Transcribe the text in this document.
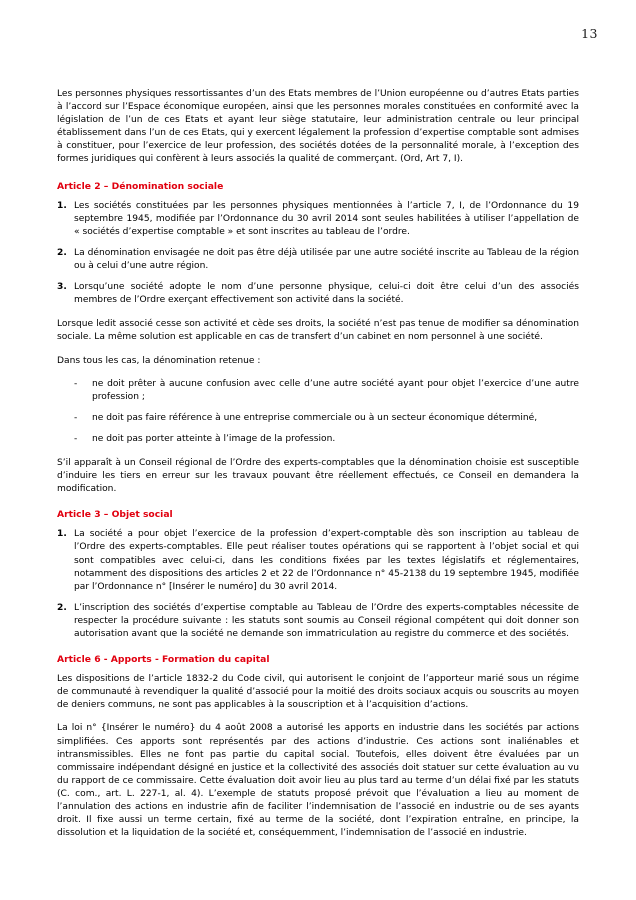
13

Les personnes physiques ressortissantes d’un des Etats membres de l’Union européenne ou d’autres Etats parties à l’accord sur l’Espace économique européen, ainsi que les personnes morales constituées en conformité avec la législation de l’un de ces Etats et ayant leur siège statutaire, leur administration centrale ou leur principal établissement dans l’un de ces Etats, qui y exercent légalement la profession d’expertise comptable sont admises à constituer, pour l’exercice de leur profession, des sociétés dotées de la personnalité morale, à l’exception des formes juridiques qui confèrent à leurs associés la qualité de commerçant. (Ord, Art 7, I).

Article 2 – Dénomination sociale
1. Les sociétés constituées par les personnes physiques mentionnées à l’article 7, I, de l’Ordonnance du 19 septembre 1945, modifiée par l’Ordonnance du 30 avril 2014 sont seules habilitées à utiliser l’appellation de « sociétés d’expertise comptable » et sont inscrites au tableau de l’ordre.
2. La dénomination envisagée ne doit pas être déjà utilisée par une autre société inscrite au Tableau de la région ou à celui d’une autre région.
3. Lorsqu’une société adopte le nom d’une personne physique, celui-ci doit être celui d’un des associés membres de l’Ordre exerçant effectivement son activité dans la société.

Lorsque ledit associé cesse son activité et cède ses droits, la société n’est pas tenue de modifier sa dénomination sociale. La même solution est applicable en cas de transfert d’un cabinet en nom personnel à une société.

Dans tous les cas, la dénomination retenue :

- ne doit prêter à aucune confusion avec celle d’une autre société ayant pour objet l’exercice d’une autre profession ;
- ne doit pas faire référence à une entreprise commerciale ou à un secteur économique déterminé,
- ne doit pas porter atteinte à l’image de la profession.

S’il apparaît à un Conseil régional de l’Ordre des experts-comptables que la dénomination choisie est susceptible d’induire les tiers en erreur sur les travaux pouvant être réellement effectués, ce Conseil en demandera la modification.

Article 3 – Objet social
1. La société a pour objet l’exercice de la profession d’expert-comptable dès son inscription au tableau de l’Ordre des experts-comptables. Elle peut réaliser toutes opérations qui se rapportent à l’objet social et qui sont compatibles avec celui-ci, dans les conditions fixées par les textes législatifs et réglementaires, notamment des dispositions des articles 2 et 22 de l’Ordonnance n° 45-2138 du 19 septembre 1945, modifiée par l’Ordonnance n° [Insérer le numéro] du 30 avril 2014.
2. L’inscription des sociétés d’expertise comptable au Tableau de l’Ordre des experts-comptables nécessite de respecter la procédure suivante : les statuts sont soumis au Conseil régional compétent qui doit donner son autorisation avant que la société ne demande son immatriculation au registre du commerce et des sociétés.
Article 6 - Apports - Formation du capital

Les dispositions de l’article 1832-2 du Code civil, qui autorisent le conjoint de l’apporteur marié sous un régime de communauté à revendiquer la qualité d’associé pour la moitié des droits sociaux acquis ou souscrits au moyen de deniers communs, ne sont pas applicables à la souscription et à l’acquisition d’actions.

La loi n° {Insérer le numéro} du 4 août 2008 a autorisé les apports en industrie dans les sociétés par actions simplifiées. Ces apports sont représentés par des actions d’industrie. Ces actions sont inaliénables et intransmissibles. Elles ne font pas partie du capital social. Toutefois, elles doivent être évaluées par un commissaire indépendant désigné en justice et la collectivité des associés doit statuer sur cette évaluation au vu du rapport de ce commissaire. Cette évaluation doit avoir lieu au plus tard au terme d’un délai fixé par les statuts (C. com., art. L. 227-1, al. 4). L’exemple de statuts proposé prévoit que l’évaluation a lieu au moment de l’annulation des actions en industrie afin de faciliter l’indemnisation de l’associé en industrie ou de ses ayants droit. Il fixe aussi un terme certain, fixé au terme de la société, dont l’expiration entraîne, en principe, la dissolution et la liquidation de la société et, conséquemment, l’indemnisation de l’associé en industrie.
